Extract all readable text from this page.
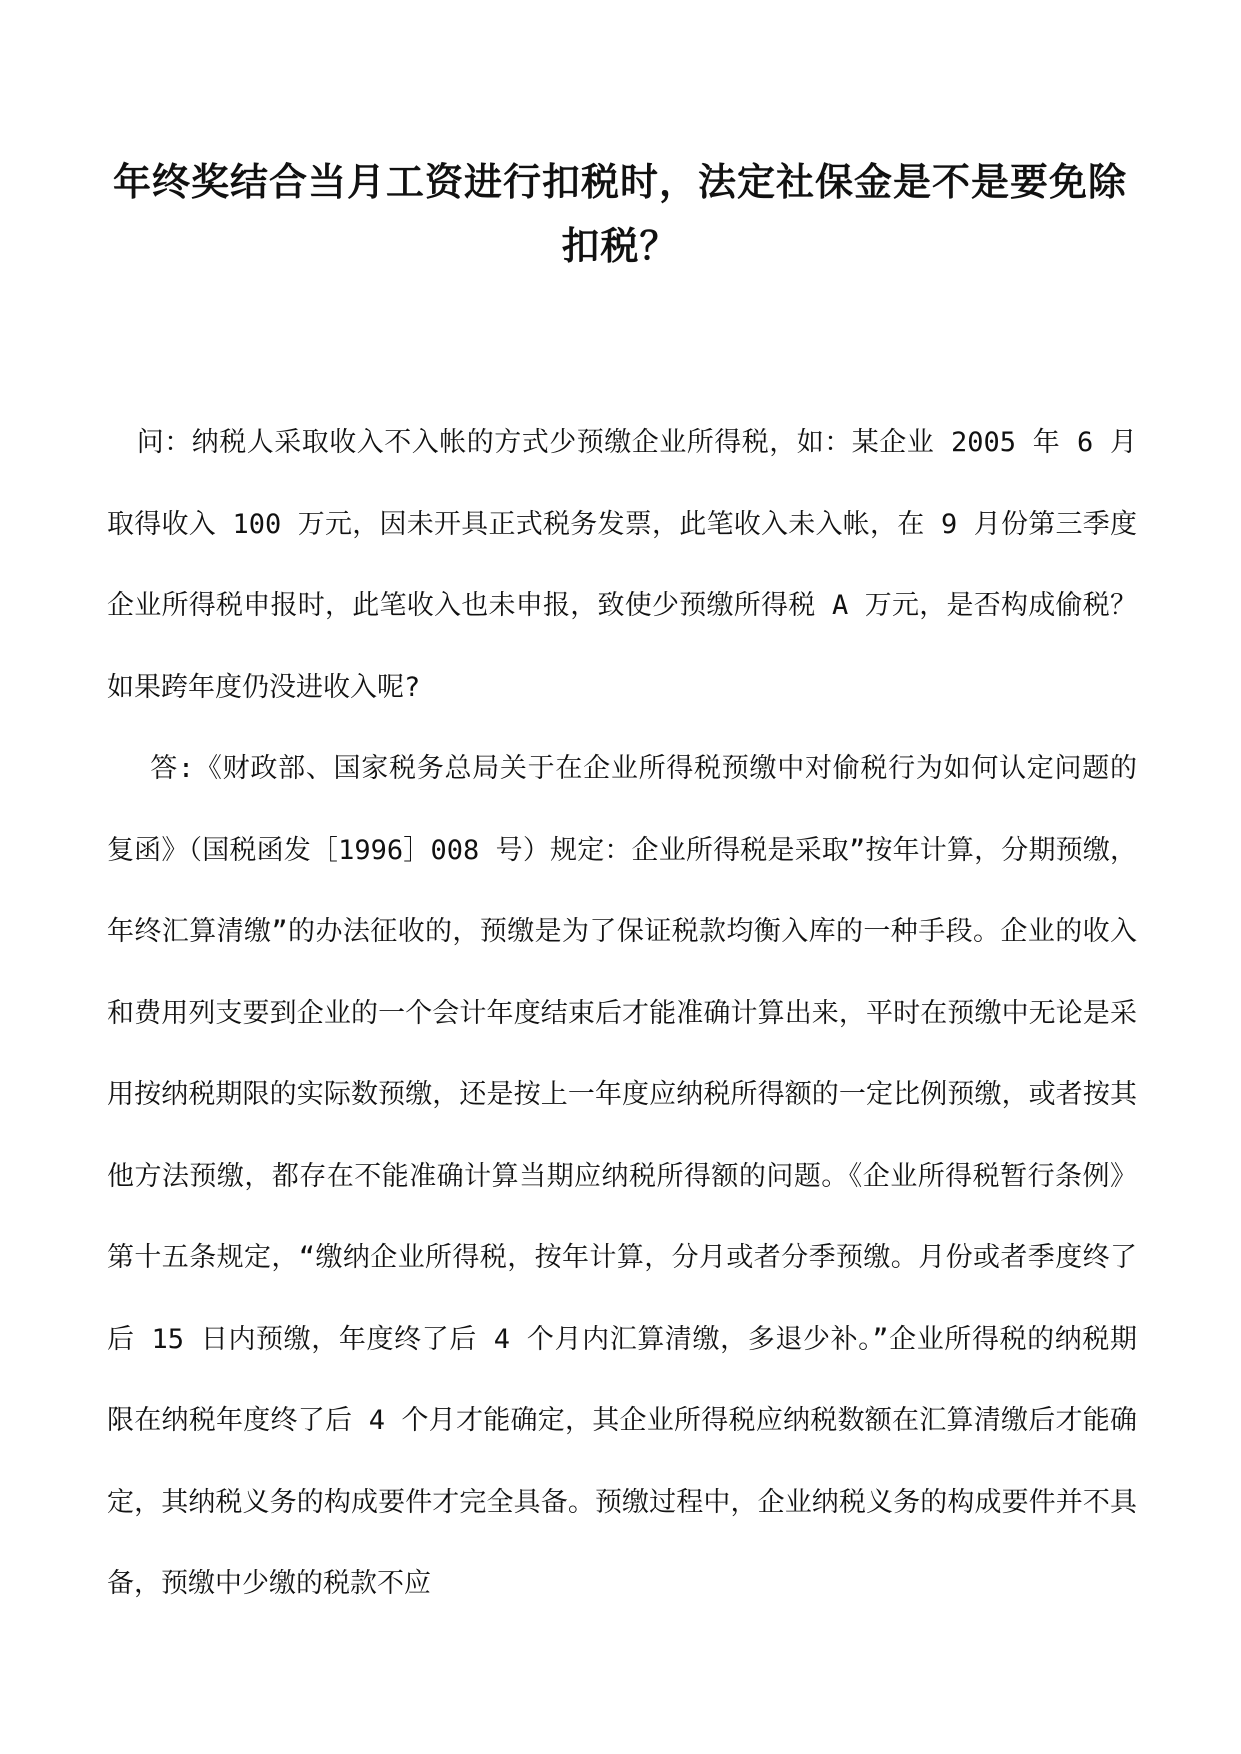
年终奖结合当月工资进行扣税时，法定社保金是不是要免除扣税？

问：纳税人采取收入不入帐的方式少预缴企业所得税，如：某企业 2005 年 6 月取得收入 100 万元，因未开具正式税务发票，此笔收入未入帐，在 9 月份第三季度企业所得税申报时，此笔收入也未申报，致使少预缴所得税 A 万元，是否构成偷税？如果跨年度仍没进收入呢?

答:《财政部、国家税务总局关于在企业所得税预缴中对偷税行为如何认定问题的复函》（国税函发［1996］008 号）规定：企业所得税是采取”按年计算，分期预缴，年终汇算清缴”的办法征收的，预缴是为了保证税款均衡入库的一种手段。企业的收入和费用列支要到企业的一个会计年度结束后才能准确计算出来，平时在预缴中无论是采用按纳税期限的实际数预缴，还是按上一年度应纳税所得额的一定比例预缴，或者按其他方法预缴，都存在不能准确计算当期应纳税所得额的问题。《企业所得税暂行条例》第十五条规定，“缴纳企业所得税，按年计算，分月或者分季预缴。月份或者季度终了后 15 日内预缴，年度终了后 4 个月内汇算清缴，多退少补。”企业所得税的纳税期限在纳税年度终了后 4 个月才能确定，其企业所得税应纳税数额在汇算清缴后才能确定，其纳税义务的构成要件才完全具备。预缴过程中，企业纳税义务的构成要件并不具备，预缴中少缴的税款不应
